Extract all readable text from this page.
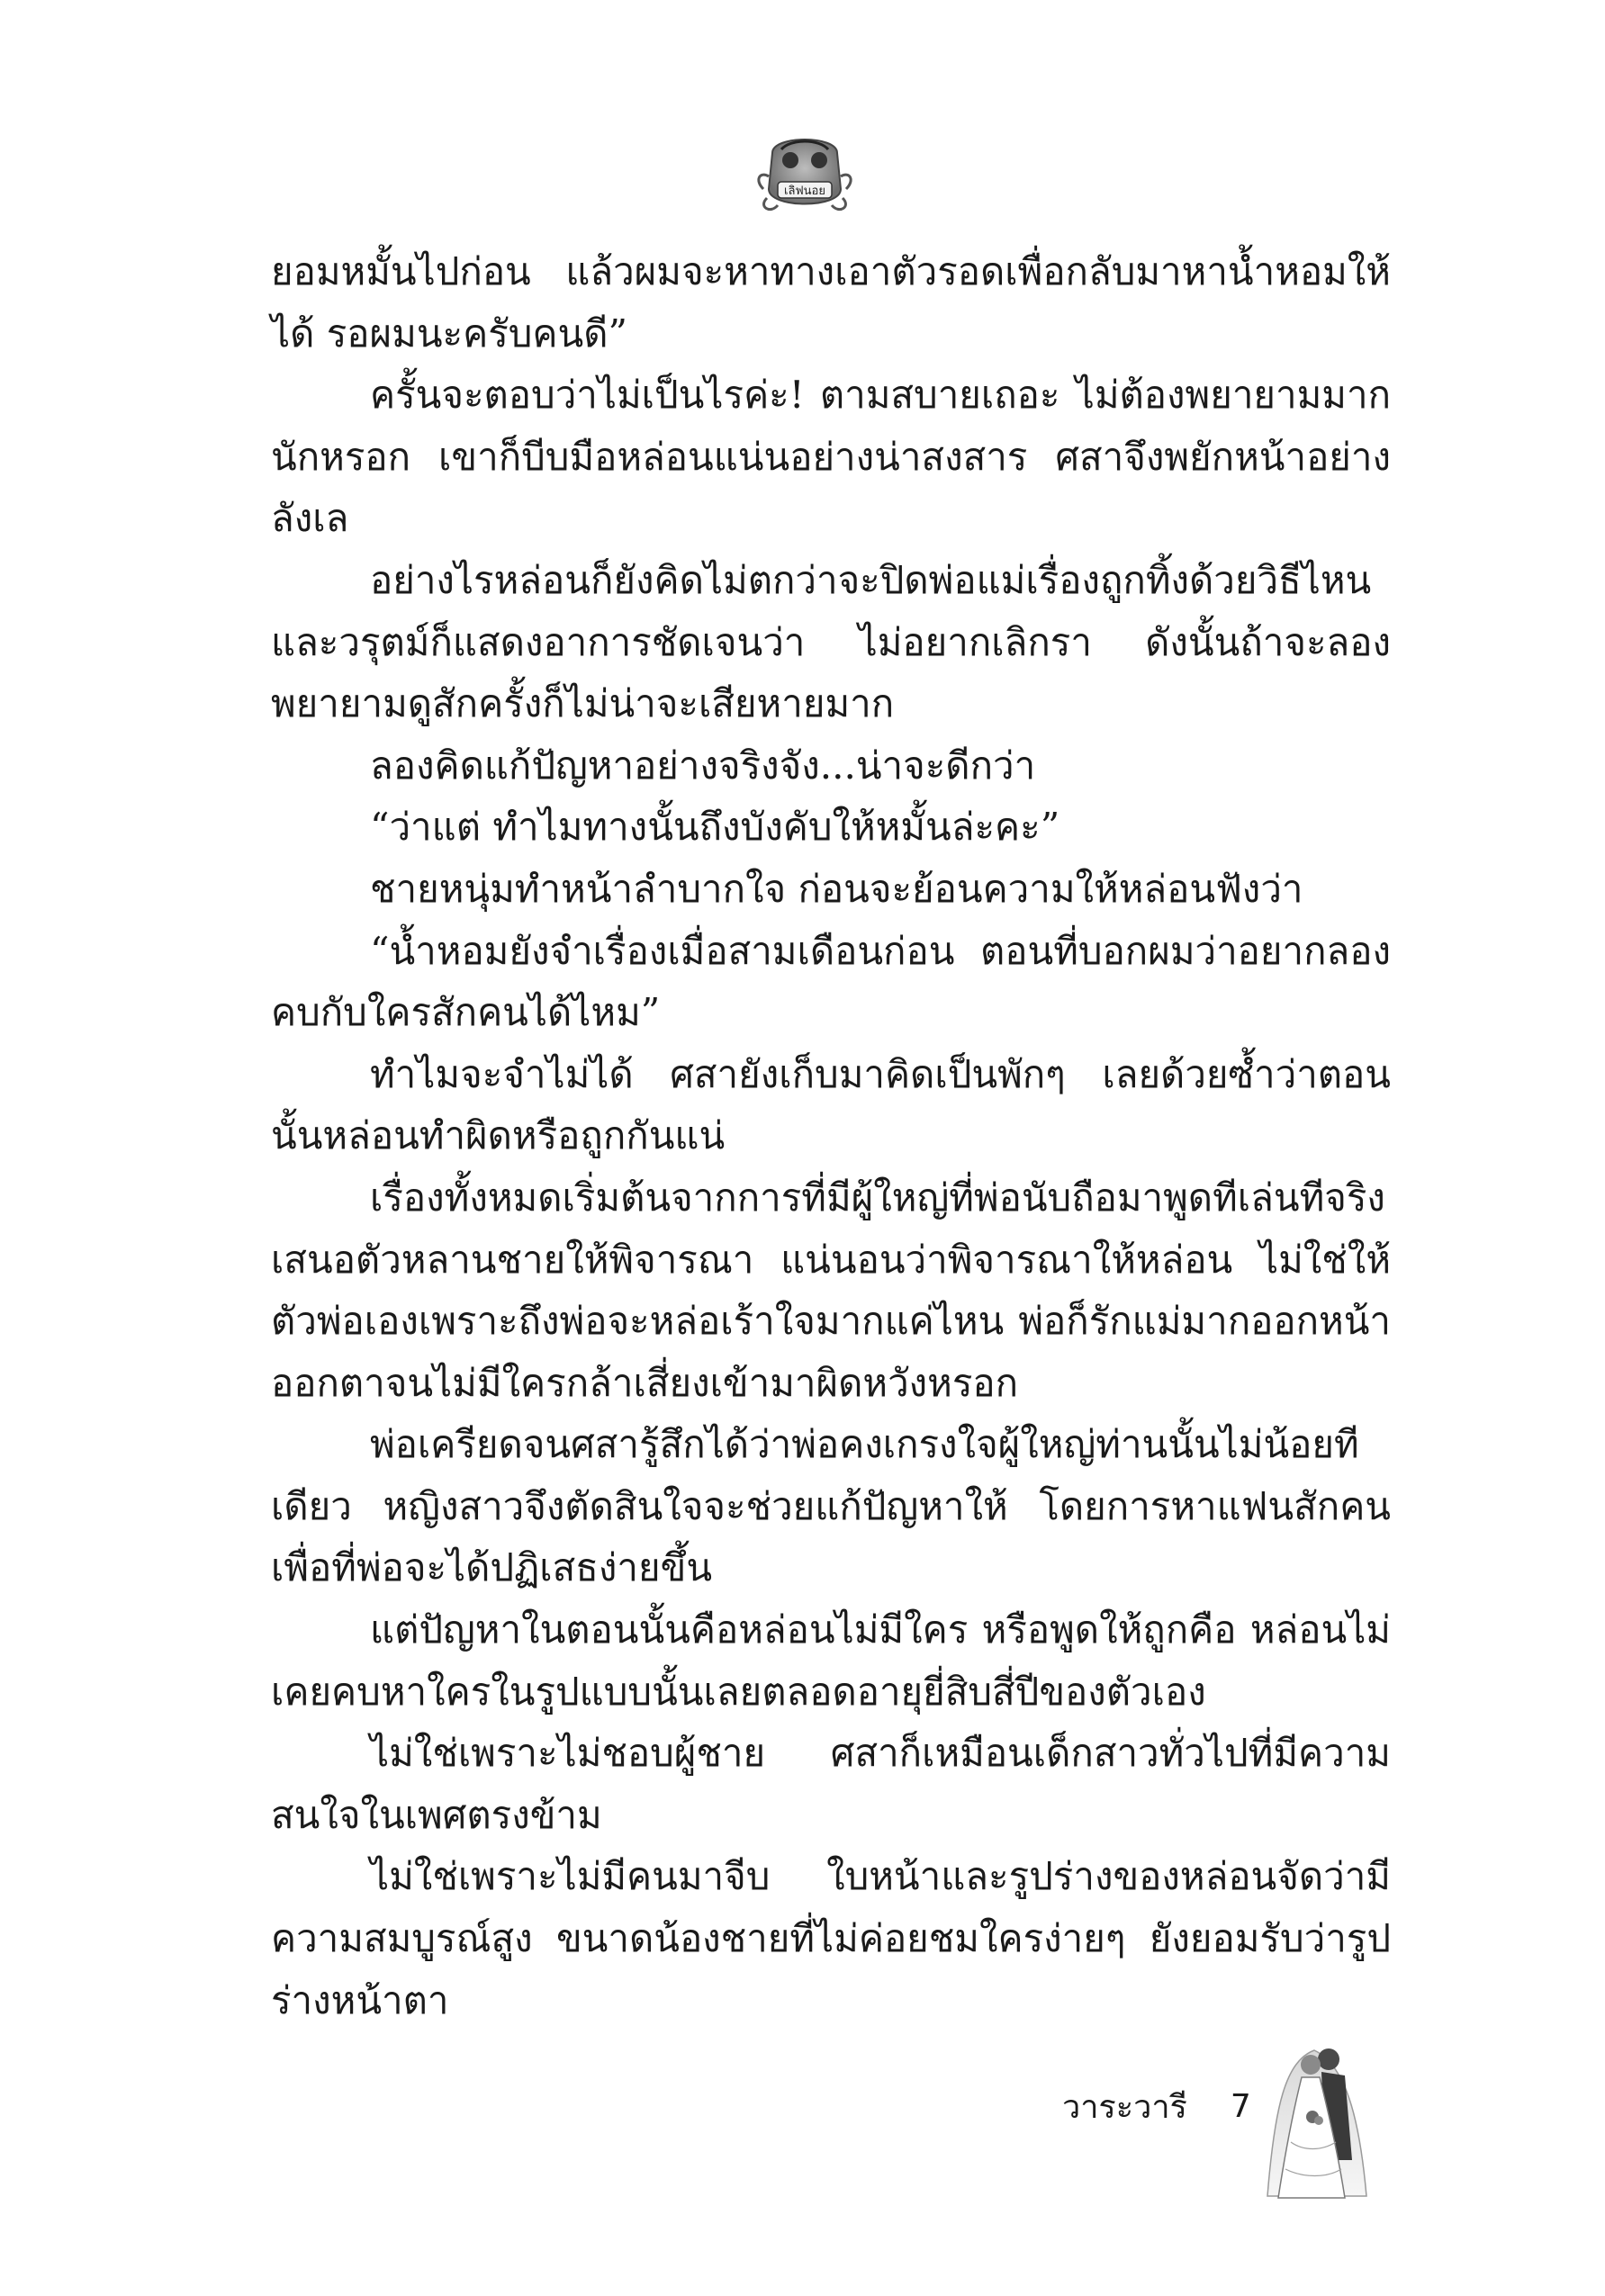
เลิฟนอย

ยอมหมั้นไปก่อน แล้วผมจะหาทางเอาตัวรอดเพื่อกลับมาหาน้ำหอมให้ได้ รอผมนะครับคนดี”

ครั้นจะตอบว่าไม่เป็นไรค่ะ! ตามสบายเถอะ ไม่ต้องพยายามมากนักหรอก เขาก็บีบมือหล่อนแน่นอย่างน่าสงสาร ศสาจึงพยักหน้าอย่างลังเล

อย่างไรหล่อนก็ยังคิดไม่ตกว่าจะปิดพ่อแม่เรื่องถูกทิ้งด้วยวิธีไหน และวรุตม์ก็แสดงอาการชัดเจนว่า ไม่อยากเลิกรา ดังนั้นถ้าจะลองพยายามดูสักครั้งก็ไม่น่าจะเสียหายมาก

ลองคิดแก้ปัญหาอย่างจริงจัง...น่าจะดีกว่า

“ว่าแต่ ทำไมทางนั้นถึงบังคับให้หมั้นล่ะคะ”

ชายหนุ่มทำหน้าลำบากใจ ก่อนจะย้อนความให้หล่อนฟังว่า

“น้ำหอมยังจำเรื่องเมื่อสามเดือนก่อน ตอนที่บอกผมว่าอยากลองคบกับใครสักคนได้ไหม”

ทำไมจะจำไม่ได้ ศสายังเก็บมาคิดเป็นพักๆ เลยด้วยซ้ำว่าตอนนั้นหล่อนทำผิดหรือถูกกันแน่

เรื่องทั้งหมดเริ่มต้นจากการที่มีผู้ใหญ่ที่พ่อนับถือมาพูดทีเล่นทีจริงเสนอตัวหลานชายให้พิจารณา แน่นอนว่าพิจารณาให้หล่อน ไม่ใช่ให้ตัวพ่อเองเพราะถึงพ่อจะหล่อเร้าใจมากแค่ไหน พ่อก็รักแม่มากออกหน้าออกตาจนไม่มีใครกล้าเสี่ยงเข้ามาผิดหวังหรอก

พ่อเครียดจนศสารู้สึกได้ว่าพ่อคงเกรงใจผู้ใหญ่ท่านนั้นไม่น้อยทีเดียว หญิงสาวจึงตัดสินใจจะช่วยแก้ปัญหาให้ โดยการหาแฟนสักคนเพื่อที่พ่อจะได้ปฏิเสธง่ายขึ้น

แต่ปัญหาในตอนนั้นคือหล่อนไม่มีใคร หรือพูดให้ถูกคือ หล่อนไม่เคยคบหาใครในรูปแบบนั้นเลยตลอดอายุยี่สิบสี่ปีของตัวเอง

ไม่ใช่เพราะไม่ชอบผู้ชาย ศสาก็เหมือนเด็กสาวทั่วไปที่มีความสนใจในเพศตรงข้าม

ไม่ใช่เพราะไม่มีคนมาจีบ ใบหน้าและรูปร่างของหล่อนจัดว่ามีความสมบูรณ์สูง ขนาดน้องชายที่ไม่ค่อยชมใครง่ายๆ ยังยอมรับว่ารูปร่างหน้าตา

วาระวารี 7
